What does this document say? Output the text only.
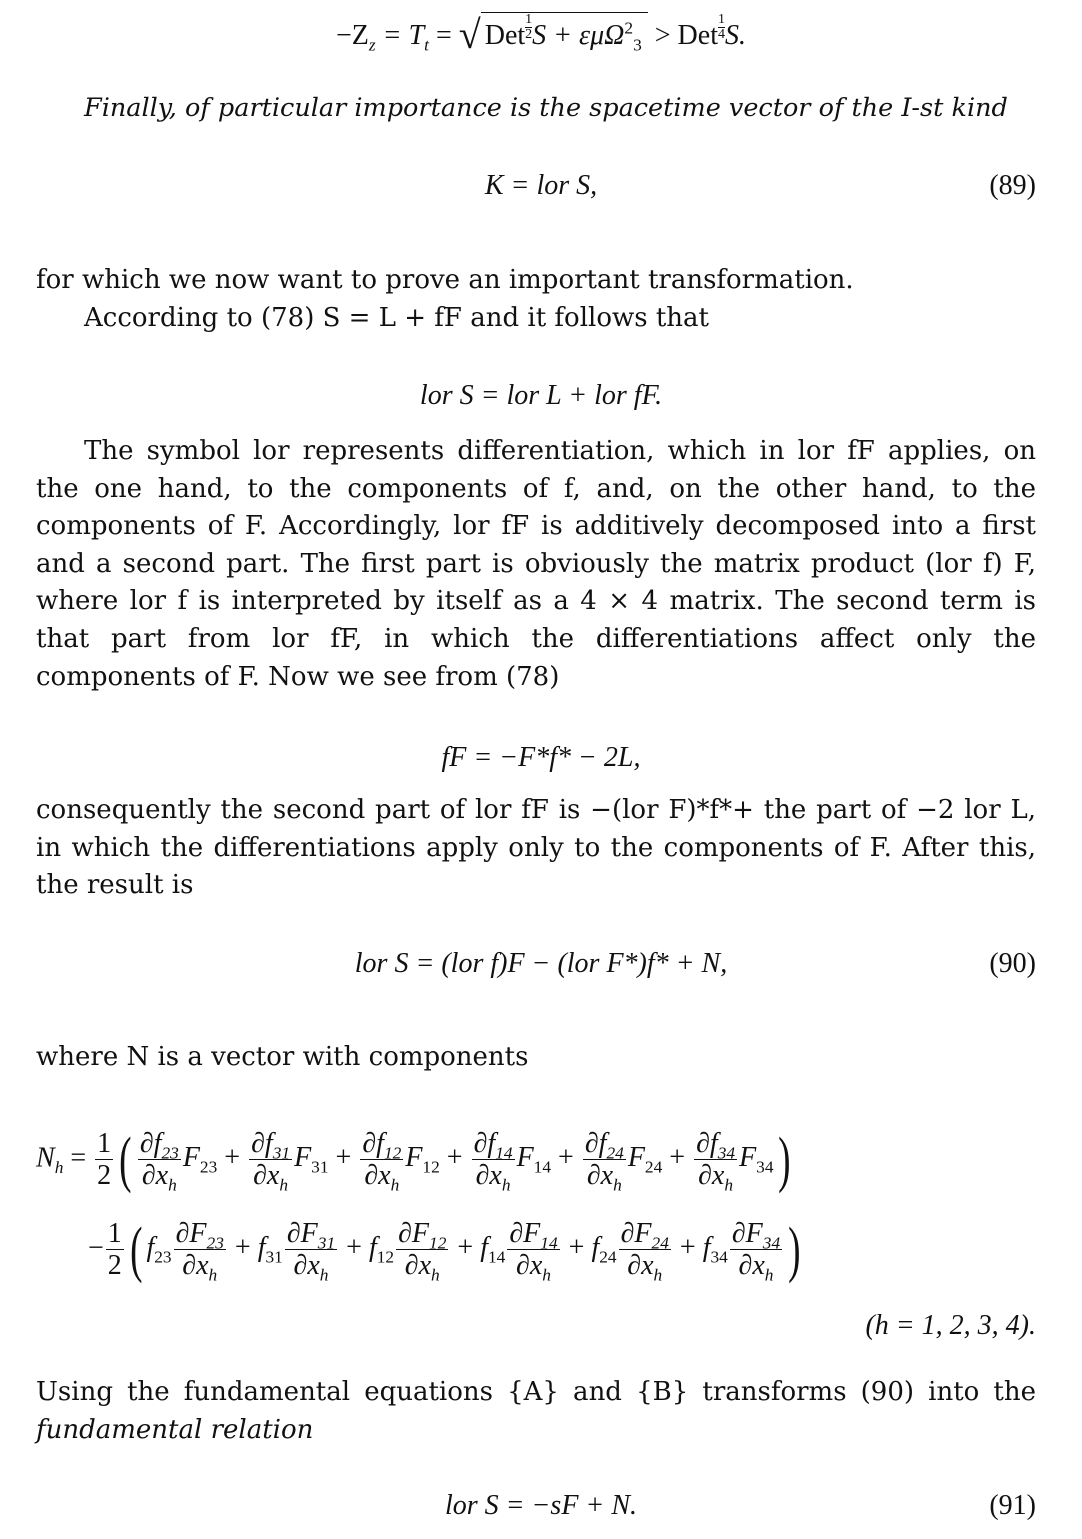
$-Z_z = T_t$ = √ Det $\frac{1}{2}$ S + εμΩ$^2_3$ > Det $\frac{1}{4} S$.
Finally, of particular importance is the spacetime vector of the I-st kind
K = lor S,	(89)
for which we now want to prove an important transformation.
According to (78) S = L + fF and it follows that
lor S = lor L + lor fF.
The symbol lor represents differentiation, which in lor fF applies, on the one hand, to the components of f, and, on the other hand, to the components of F. Accordingly, lor fF is additively decomposed into a first and a second part. The first part is obviously the matrix product (lor f) F, where lor f is interpreted by itself as a 4 × 4 matrix. The second term is that part from lor fF, in which the differentiations affect only the components of F. Now we see from (78)
fF = −F*f* − 2L,
consequently the second part of lor fF is −(lor F)*f*+ the part of −2 lor L, in which the differentiations apply only to the components of F. After this, the result is
lor S = (lor f)F − (lor F*)f* + N,	(90)
where N is a vector with components
$N_h = \frac{1}{2}$ ( $\frac{\partial f_{23}}{\partial x_h} F_{23} + \frac{\partial f_{31}}{\partial x_h} F_{31} + \frac{\partial f_{12}}{\partial x_h} F_{12} + \frac{\partial f_{14}}{\partial x_h} F_{14} + \frac{\partial f_{24}}{\partial x_h} F_{24} + \frac{\partial f_{34}}{\partial x_h} F_{34}$)
− $\frac{1}{2}$ ( $f_{23} \frac{\partial F_{23}}{\partial x_h} + f_{31} \frac{\partial F_{31}}{\partial x_h} + f_{12} \frac{\partial F_{12}}{\partial x_h} + f_{14} \frac{\partial F_{14}}{\partial x_h} + f_{24} \frac{\partial F_{24}}{\partial x_h} + f_{34} \frac{\partial F_{34}}{\partial x_h}$ )
(h = 1, 2, 3, 4).
Using the fundamental equations {A} and {B} transforms (90) into the
fundamental relation
lor S = −sF + N.	(91)
